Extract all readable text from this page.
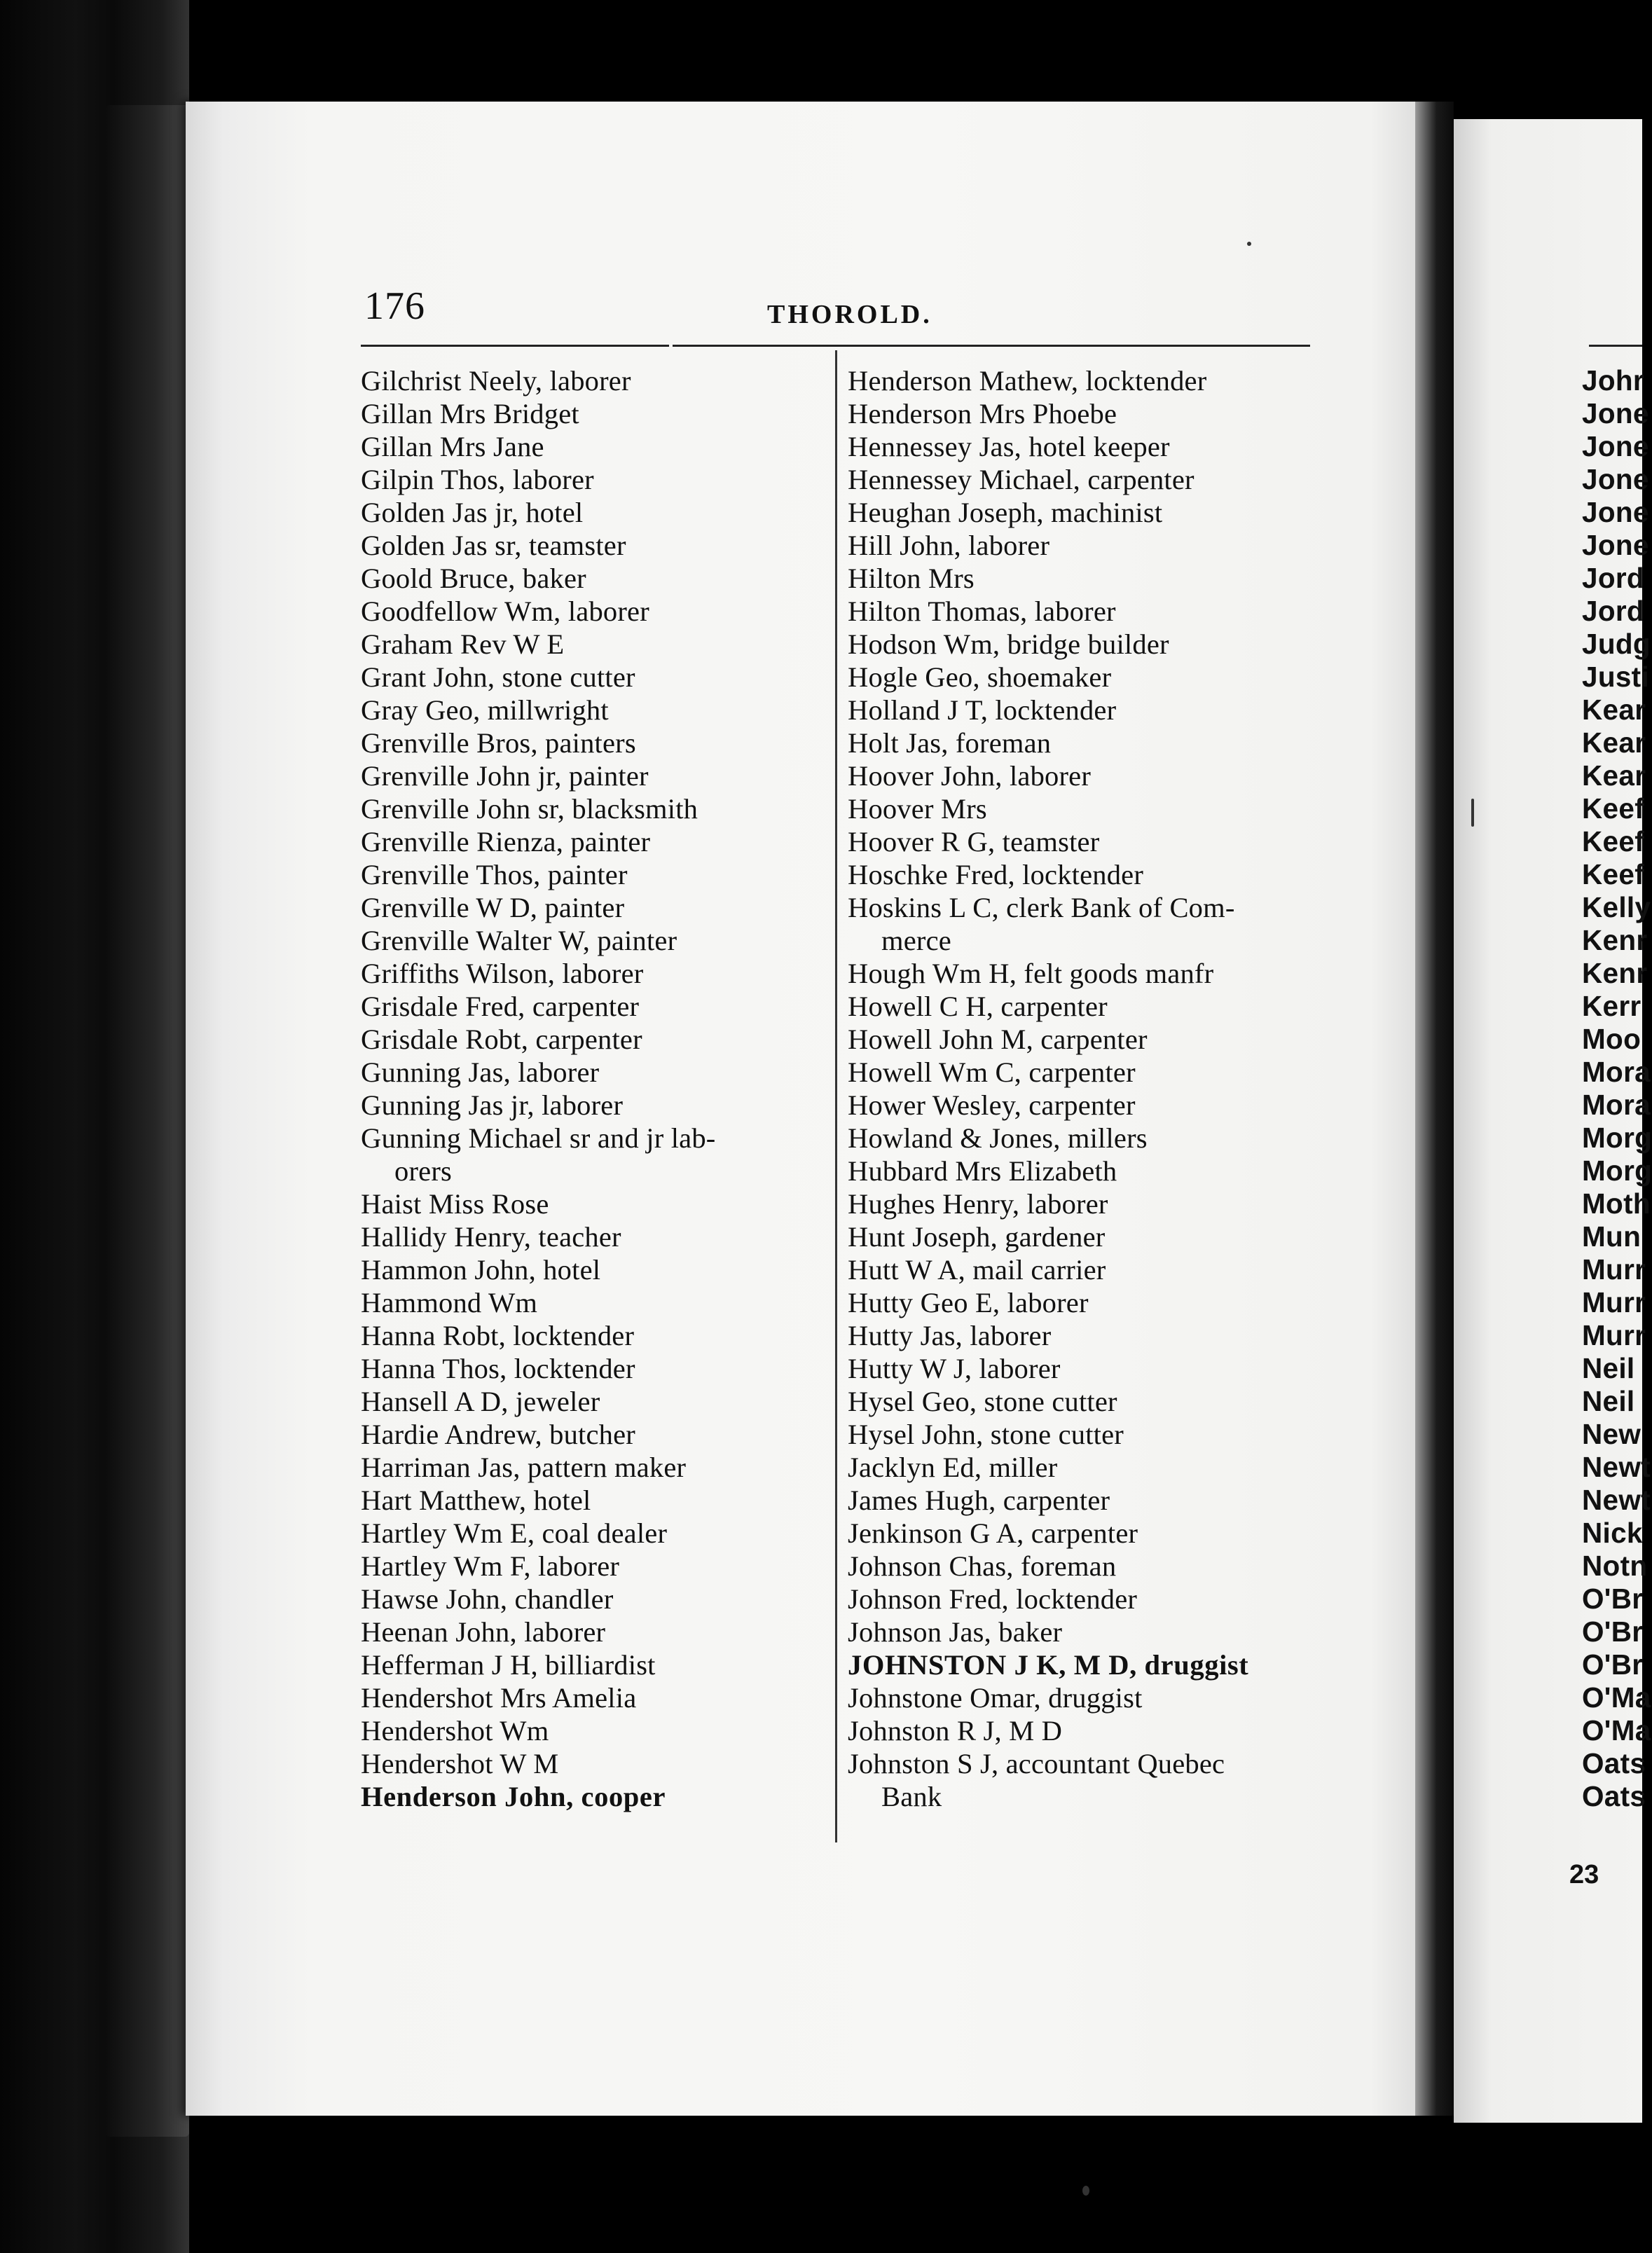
176	THOROLD.
Gilchrist Neely, laborer
Gillan Mrs Bridget
Gillan Mrs Jane
Gilpin Thos, laborer
Golden Jas jr, hotel
Golden Jas sr, teamster
Goold Bruce, baker
Goodfellow Wm, laborer
Graham Rev W E
Grant John, stone cutter
Gray Geo, millwright
Grenville Bros, painters
Grenville John jr, painter
Grenville John sr, blacksmith
Grenville Rienza, painter
Grenville Thos, painter
Grenville W D, painter
Grenville Walter W, painter
Griffiths Wilson, laborer
Grisdale Fred, carpenter
Grisdale Robt, carpenter
Gunning Jas, laborer
Gunning Jas jr, laborer
Gunning Michael sr and jr lab-
orers
Haist Miss Rose
Hallidy Henry, teacher
Hammon John, hotel
Hammond Wm
Hanna Robt, locktender
Hanna Thos, locktender
Hansell A D, jeweler
Hardie Andrew, butcher
Harriman Jas, pattern maker
Hart Matthew, hotel
Hartley Wm E, coal dealer
Hartley Wm F, laborer
Hawse John, chandler
Heenan John, laborer
Hefferman J H, billiardist
Hendershot Mrs Amelia
Hendershot Wm
Hendershot W M
Henderson John, cooper
Henderson Mathew, locktender
Henderson Mrs Phoebe
Hennessey Jas, hotel keeper
Hennessey Michael, carpenter
Heughan Joseph, machinist
Hill John, laborer
Hilton Mrs
Hilton Thomas, laborer
Hodson Wm, bridge builder
Hogle Geo, shoemaker
Holland J T, locktender
Holt Jas, foreman
Hoover John, laborer
Hoover Mrs
Hoover R G, teamster
Hoschke Fred, locktender
Hoskins L C, clerk Bank of Com-
merce
Hough Wm H, felt goods manfr
Howell C H, carpenter
Howell John M, carpenter
Howell Wm C, carpenter
Hower Wesley, carpenter
Howland & Jones, millers
Hubbard Mrs Elizabeth
Hughes Henry, laborer
Hunt Joseph, gardener
Hutt W A, mail carrier
Hutty Geo E, laborer
Hutty Jas, laborer
Hutty W J, laborer
Hysel Geo, stone cutter
Hysel John, stone cutter
Jacklyn Ed, miller
James Hugh, carpenter
Jenkinson G A, carpenter
Johnson Chas, foreman
Johnson Fred, locktender
Johnson Jas, baker
JOHNSTON J K, M D, druggist
Johnstone Omar, druggist
Johnston R J, M D
Johnston S J, accountant Quebec
Bank
Johr
Jone
Jone
Jone
Jone
Jone
Jord
Jord
Judg
Justi
Kear
Kear
Kear
Keef
Keef
Keef
Kelly
Kenr
Kenr
Kerr
Moo
Mora
Mora
Morg
Morg
Moth
Mun
Murr
Murr
Murr
Neil
Neil
New
Newt
Newt
Nick
Notn
O'Br
O'Br
O'Br
O'Ma
O'Ma
Oats
Oats
23
